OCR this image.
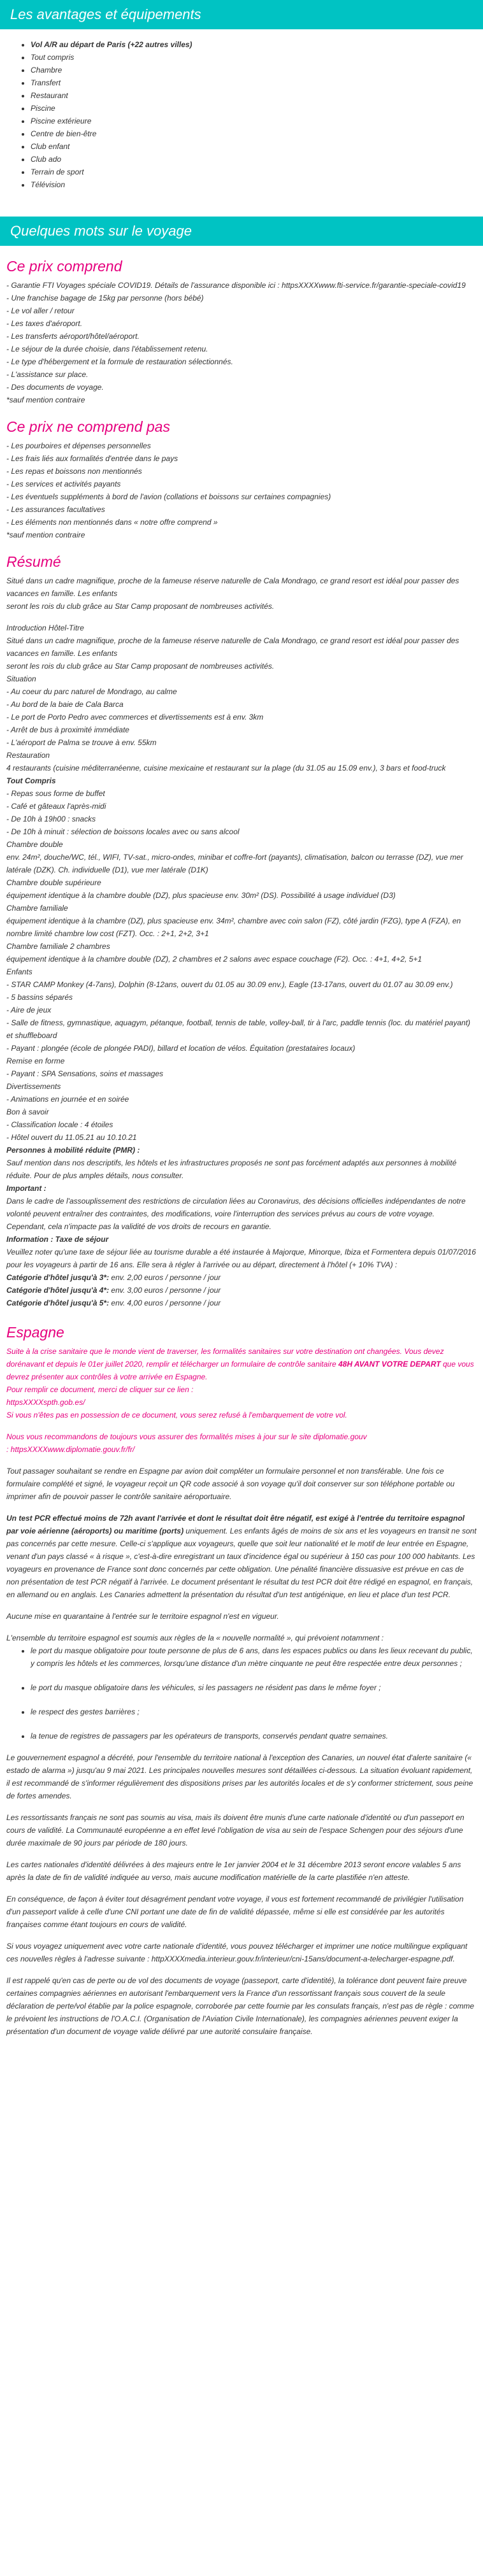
Les avantages et équipements
• Vol A/R au départ de Paris (+22 autres villes)
• Tout compris
• Chambre
• Transfert
• Restaurant
• Piscine
• Piscine extérieure
• Centre de bien-être
• Club enfant
• Club ado
• Terrain de sport
• Télévision
Quelques mots sur le voyage
Ce prix comprend
- Garantie FTI Voyages spéciale COVID19. Détails de l'assurance disponible ici : httpsXXXXwww.fti-service.fr/garantie-speciale-covid19
- Une franchise bagage de 15kg par personne (hors bébé)
- Le vol aller / retour
- Les taxes d'aéroport.
- Les transferts aéroport/hôtel/aéroport.
- Le séjour de la durée choisie, dans l'établissement retenu.
- Le type d'hébergement et la formule de restauration sélectionnés.
- L'assistance sur place.
- Des documents de voyage.
*sauf mention contraire
Ce prix ne comprend pas
- Les pourboires et dépenses personnelles
- Les frais liés aux formalités d'entrée dans le pays
- Les repas et boissons non mentionnés
- Les services et activités payants
- Les éventuels suppléments à bord de l'avion (collations et boissons sur certaines compagnies)
- Les assurances facultatives
- Les éléments non mentionnés dans « notre offre comprend »
*sauf mention contraire
Résumé
Situé dans un cadre magnifique, proche de la fameuse réserve naturelle de Cala Mondrago, ce grand resort est idéal pour passer des vacances en famille. Les enfants
seront les rois du club grâce au Star Camp proposant de nombreuses activités.
Introduction Hôtel-Titre
Situé dans un cadre magnifique, proche de la fameuse réserve naturelle de Cala Mondrago, ce grand resort est idéal pour passer des vacances en famille. Les enfants
seront les rois du club grâce au Star Camp proposant de nombreuses activités.
Situation
- Au coeur du parc naturel de Mondrago, au calme
- Au bord de la baie de Cala Barca
- Le port de Porto Pedro avec commerces et divertissements est à env. 3km
- Arrêt de bus à proximité immédiate
- L'aéroport de Palma se trouve à env. 55km
Restauration
4 restaurants (cuisine méditerranéenne, cuisine mexicaine et restaurant sur la plage (du 31.05 au 15.09 env.), 3 bars et food-truck
Tout Compris
- Repas sous forme de buffet
- Café et gâteaux l'après-midi
- De 10h à 19h00 : snacks
- De 10h à minuit : sélection de boissons locales avec ou sans alcool
Chambre double
env. 24m², douche/WC, tél., WIFI, TV-sat., micro-ondes, minibar et coffre-fort (payants), climatisation, balcon ou terrasse (DZ), vue mer latérale (DZK). Ch. individuelle (D1), vue mer latérale (D1K)
Chambre double supérieure
équipement identique à la chambre double (DZ), plus spacieuse env. 30m² (DS). Possibilité à usage individuel (D3)
Chambre familiale
équipement identique à la chambre (DZ), plus spacieuse env. 34m², chambre avec coin salon (FZ), côté jardin (FZG), type A (FZA), en nombre limité chambre low cost (FZT). Occ. : 2+1, 2+2, 3+1
Chambre familiale 2 chambres
équipement identique à la chambre double (DZ), 2 chambres et 2 salons avec espace couchage (F2). Occ. : 4+1, 4+2, 5+1
Enfants
- STAR CAMP Monkey (4-7ans), Dolphin (8-12ans, ouvert du 01.05 au 30.09 env.), Eagle (13-17ans, ouvert du 01.07 au 30.09 env.)
- 5 bassins séparés
- Aire de jeux
- Salle de fitness, gymnastique, aquagym, pétanque, football, tennis de table, volley-ball, tir à l'arc, paddle tennis (loc. du matériel payant) et shuffleboard
- Payant : plongée (école de plongée PADI), billard et location de vélos. Équitation (prestataires locaux)
Remise en forme
- Payant : SPA Sensations, soins et massages
Divertissements
- Animations en journée et en soirée
Bon à savoir
- Classification locale : 4 étoiles
- Hôtel ouvert du 11.05.21 au 10.10.21
Personnes à mobilité réduite (PMR) :
Sauf mention dans nos descriptifs, les hôtels et les infrastructures proposés ne sont pas forcément adaptés aux personnes à mobilité réduite. Pour de plus amples détails, nous consulter.
Important :
Dans le cadre de l'assouplissement des restrictions de circulation liées au Coronavirus, des décisions officielles indépendantes de notre volonté peuvent entraîner des contraintes, des modifications, voire l'interruption des services prévus au cours de votre voyage.
Cependant, cela n'impacte pas la validité de vos droits de recours en garantie.
Information : Taxe de séjour
Veuillez noter qu'une taxe de séjour liée au tourisme durable a été instaurée à Majorque, Minorque, Ibiza et Formentera depuis 01/07/2016 pour les voyageurs à partir de 16 ans. Elle sera à régler à l'arrivée ou au départ, directement à l'hôtel (+ 10% TVA) :
Catégorie d'hôtel jusqu'à 3*: env. 2,00 euros / personne / jour
Catégorie d'hôtel jusqu'à 4*: env. 3,00 euros / personne / jour
Catégorie d'hôtel jusqu'à 5*: env. 4,00 euros / personne / jour
Espagne
Suite à la crise sanitaire que le monde vient de traverser, les formalités sanitaires sur votre destination ont changées. Vous devez dorénavant et depuis le 01er juillet 2020, remplir et télécharger un formulaire de contrôle sanitaire 48H AVANT VOTRE DEPART que vous devrez présenter aux contrôles à votre arrivée en Espagne.
Pour remplir ce document, merci de cliquer sur ce lien :
httpsXXXXspth.gob.es/
Si vous n'êtes pas en possession de ce document, vous serez refusé à l'embarquement de votre vol.
Nous vous recommandons de toujours vous assurer des formalités mises à jour sur le site diplomatie.gouv
: httpsXXXXwww.diplomatie.gouv.fr/fr/

Tout passager souhaitant se rendre en Espagne par avion doit compléter un formulaire personnel et non transférable. Une fois ce formulaire complété et signé, le voyageur reçoit un QR code associé à son voyage qu'il doit conserver sur son téléphone portable ou imprimer afin de pouvoir passer le contrôle sanitaire aéroportuaire.

Un test PCR effectué moins de 72h avant l'arrivée et dont le résultat doit être négatif, est exigé à l'entrée du territoire espagnol par voie aérienne (aéroports) ou maritime (ports) uniquement. Les enfants âgés de moins de six ans et les voyageurs en transit ne sont pas concernés par cette mesure. Celle-ci s'applique aux voyageurs, quelle que soit leur nationalité et le motif de leur entrée en Espagne, venant d'un pays classé « à risque », c'est-à-dire enregistrant un taux d'incidence égal ou supérieur à 150 cas pour 100 000 habitants. Les voyageurs en provenance de France sont donc concernés par cette obligation. Une pénalité financière dissuasive est prévue en cas de non présentation de test PCR négatif à l'arrivée. Le document présentant le résultat du test PCR doit être rédigé en espagnol, en français, en allemand ou en anglais. Les Canaries admettent la présentation du résultat d'un test antigénique, en lieu et place d'un test PCR.

Aucune mise en quarantaine à l'entrée sur le territoire espagnol n'est en vigueur.

L'ensemble du territoire espagnol est soumis aux règles de la « nouvelle normalité », qui prévoient notamment :

• le port du masque obligatoire pour toute personne de plus de 6 ans, dans les espaces publics ou dans les lieux recevant du public, y compris les hôtels et les commerces, lorsqu'une distance d'un mètre cinquante ne peut être respectée entre deux personnes ;
• le port du masque obligatoire dans les véhicules, si les passagers ne résident pas dans le même foyer ;
• le respect des gestes barrières ;
• la tenue de registres de passagers par les opérateurs de transports, conservés pendant quatre semaines.

Le gouvernement espagnol a décrété, pour l'ensemble du territoire national à l'exception des Canaries, un nouvel état d'alerte sanitaire (« estado de alarma ») jusqu'au 9 mai 2021. Les principales nouvelles mesures sont détaillées ci-dessous. La situation évoluant rapidement, il est recommandé de s'informer régulièrement des dispositions prises par les autorités locales et de s'y conformer strictement, sous peine de fortes amendes.

Les ressortissants français ne sont pas soumis au visa, mais ils doivent être munis d'une carte nationale d'identité ou d'un passeport en cours de validité. La Communauté européenne a en effet levé l'obligation de visa au sein de l'espace Schengen pour des séjours d'une durée maximale de 90 jours par période de 180 jours.

Les cartes nationales d'identité délivrées à des majeurs entre le 1er janvier 2004 et le 31 décembre 2013 seront encore valables 5 ans après la date de fin de validité indiquée au verso, mais aucune modification matérielle de la carte plastifiée n'en atteste.

En conséquence, de façon à éviter tout désagrément pendant votre voyage, il vous est fortement recommandé de privilégier l'utilisation d'un passeport valide à celle d'une CNI portant une date de fin de validité dépassée, même si elle est considérée par les autorités françaises comme étant toujours en cours de validité.

Si vous voyagez uniquement avec votre carte nationale d'identité, vous pouvez télécharger et imprimer une notice multilingue expliquant ces nouvelles règles à l'adresse suivante : httpXXXXmedia.interieur.gouv.fr/interieur/cni-15ans/document-a-telecharger-espagne.pdf.

Il est rappelé qu'en cas de perte ou de vol des documents de voyage (passeport, carte d'identité), la tolérance dont peuvent faire preuve certaines compagnies aériennes en autorisant l'embarquement vers la France d'un ressortissant français sous couvert de la seule déclaration de perte/vol établie par la police espagnole, corroborée par cette fournie par les consulats français, n'est pas de règle : comme le prévoient les instructions de l'O.A.C.I. (Organisation de l'Aviation Civile Internationale), les compagnies aériennes peuvent exiger la présentation d'un document de voyage valide délivré par une autorité consulaire française.
